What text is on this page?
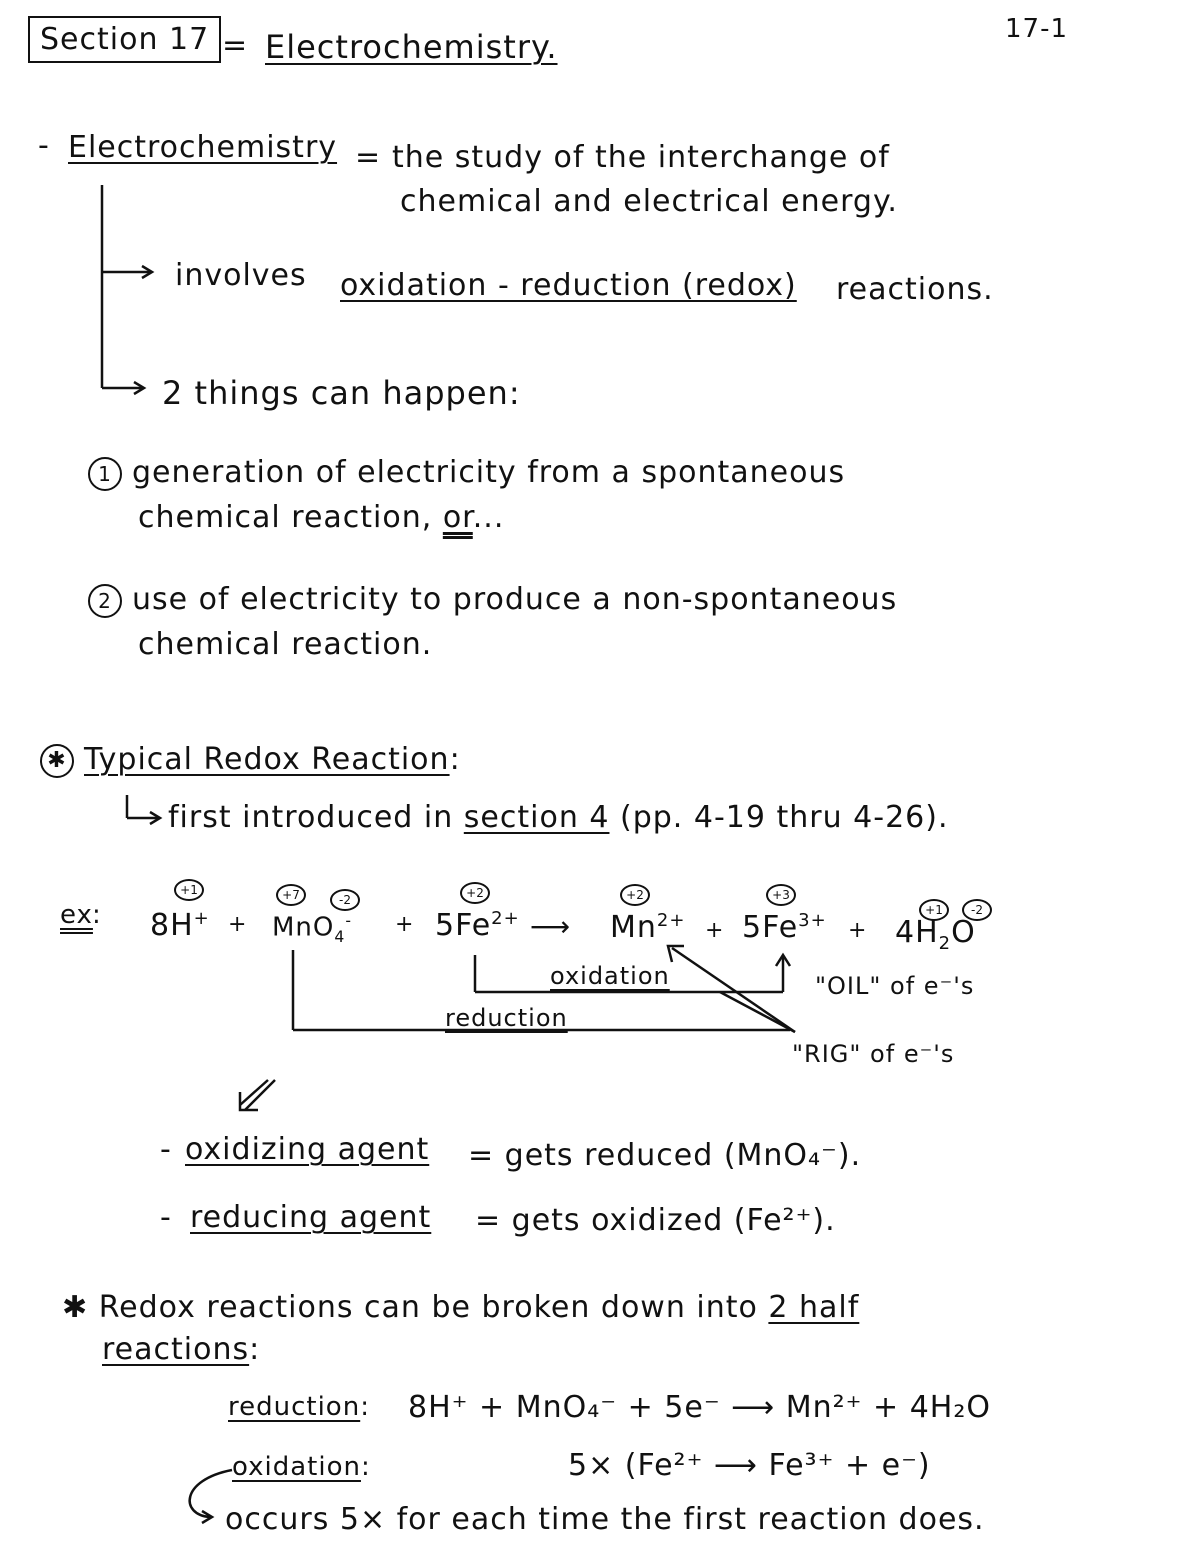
Section 17 = Electrochemistry.	17-1
- Electrochemistry = the study of the interchange of
chemical and electrical energy.
involves oxidation - reduction (redox) reactions.
2 things can happen:
1 generation of electricity from a spontaneous
chemical reaction, or...
2 use of electricity to produce a non-spontaneous
chemical reaction.
✱ Typical Redox Reaction:
first introduced in section 4 (pp. 4-19 thru 4-26).
ex :
+1	+7	-2	+2	+2	+3
+1	-2
$8H^+ + MnO_4^- + 5Fe^{2+}$ ⟶ $Mn^{2+} + 5Fe^{3+} + 4H_2O$
oxidation
reduction
"OIL" of e⁻'s
"RIG" of e⁻'s
- oxidizing agent = gets reduced (MnO₄⁻).
- reducing agent = gets oxidized (Fe²⁺).
✱ Redox reactions can be broken down into 2 half
reactions:
reduction: 8H⁺ + MnO₄⁻ + 5e⁻ ⟶ Mn²⁺ + 4H₂O
oxidation:	5× (Fe²⁺ ⟶ Fe³⁺ + e⁻)
occurs 5× for each time the first reaction does.
